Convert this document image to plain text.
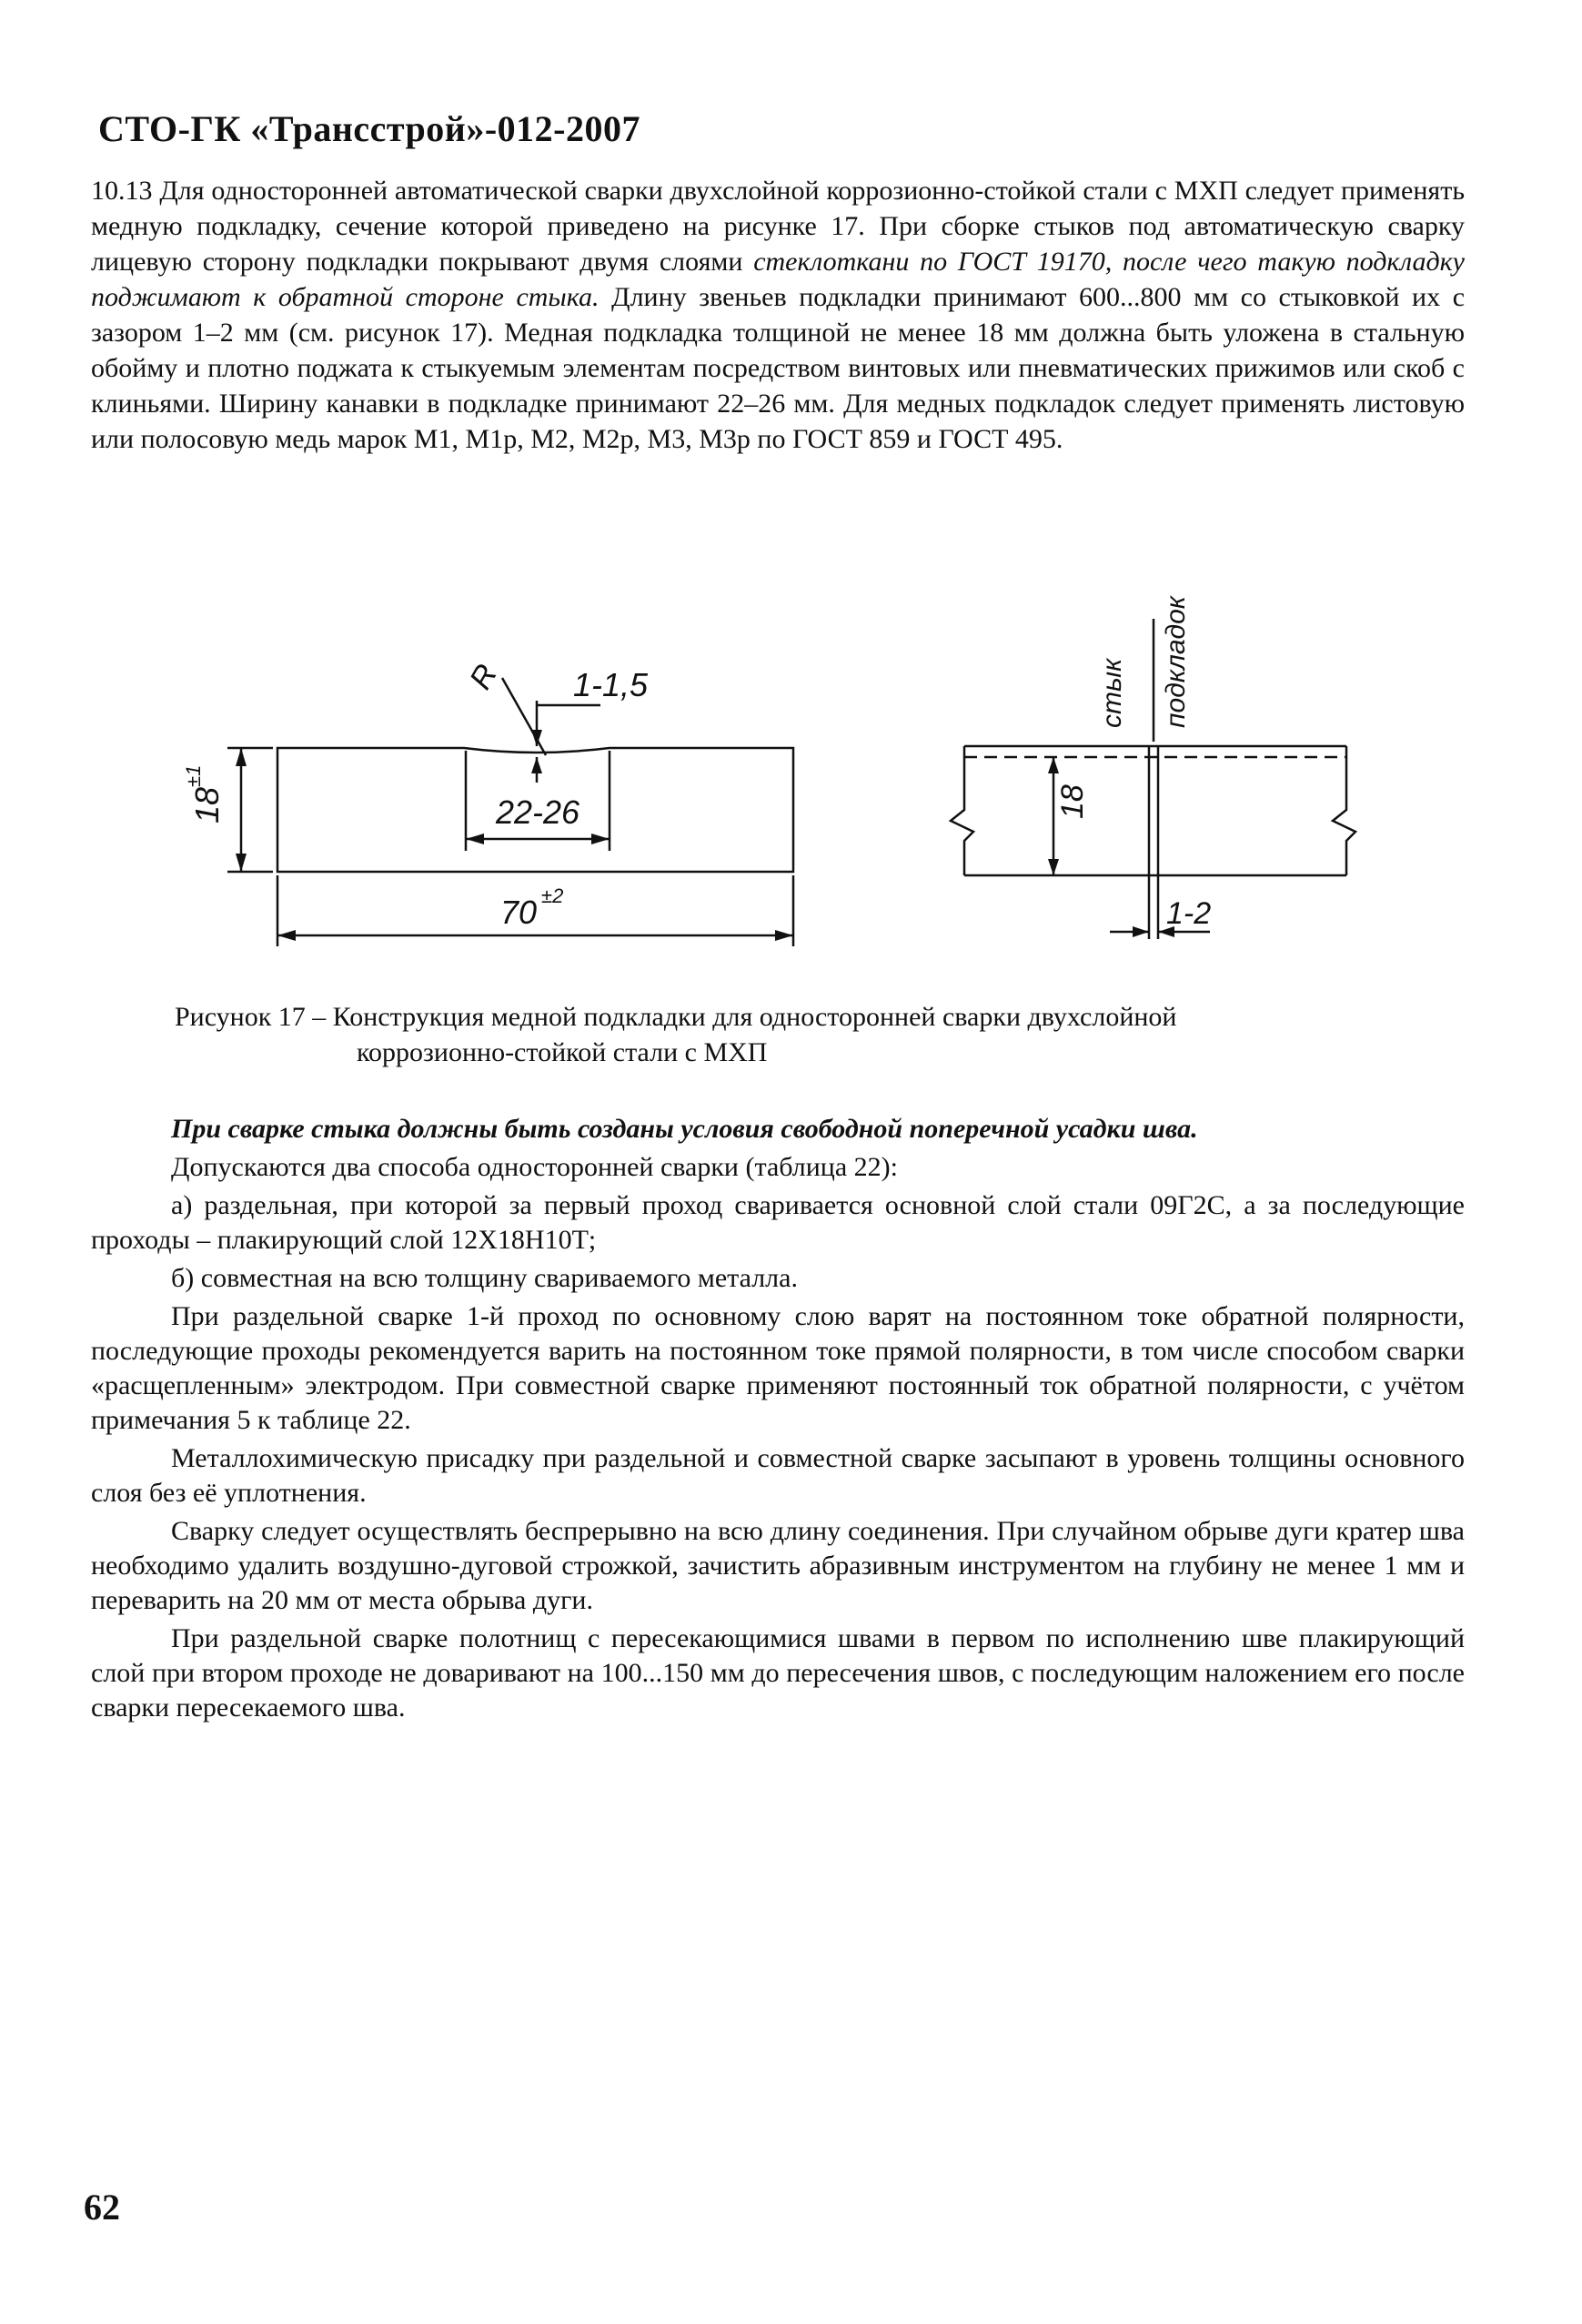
СТО-ГК «Трансстрой»-012-2007
10.13 Для односторонней автоматической сварки двухслойной коррозионно-стойкой стали с МХП следует применять медную подкладку, сечение которой приведено на рисунке 17. При сборке стыков под автоматическую сварку лицевую сторону подкладки покрывают двумя слоями стеклоткани по ГОСТ 19170, после чего такую подкладку поджимают к обратной стороне стыка. Длину звеньев подкладки принимают 600...800 мм со стыковкой их с зазором 1–2 мм (см. рисунок 17). Медная подкладка толщиной не менее 18 мм должна быть уложена в стальную обойму и плотно поджата к стыкуемым элементам посредством винтовых или пневматических прижимов или скоб с клиньями. Ширину канавки в подкладке принимают 22–26 мм. Для медных подкладок следует применять листовую или полосовую медь марок М1, М1р, М2, М2р, М3, М3р по ГОСТ 859 и ГОСТ 495.
R 1-1,5
22-26
18
±1
70 ±2
стык подкладок
18
1-2
Рисунок 17 – Конструкция медной подкладки для односторонней сварки двухслойной
коррозионно-стойкой стали с МХП

При сварке стыка должны быть созданы условия свободной поперечной усадки шва.

Допускаются два способа односторонней сварки (таблица 22):

а) раздельная, при которой за первый проход сваривается основной слой стали 09Г2С, а за последующие проходы – плакирующий слой 12Х18Н10Т;

б) совместная на всю толщину свариваемого металла.

При раздельной сварке 1-й проход по основному слою варят на постоянном токе обратной полярности, последующие проходы рекомендуется варить на постоянном токе прямой полярности, в том числе способом сварки «расщепленным» электродом. При совместной сварке применяют постоянный ток обратной полярности, с учётом примечания 5 к таблице 22.

Металлохимическую присадку при раздельной и совместной сварке засыпают в уровень толщины основного слоя без её уплотнения.

Сварку следует осуществлять беспрерывно на всю длину соединения. При случайном обрыве дуги кратер шва необходимо удалить воздушно-дуговой строжкой, зачистить абразивным инструментом на глубину не менее 1 мм и переварить на 20 мм от места обрыва дуги.

При раздельной сварке полотнищ с пересекающимися швами в первом по исполнению шве плакирующий слой при втором проходе не доваривают на 100...150 мм до пересечения швов, с последующим наложением его после сварки пересекаемого шва.

62
